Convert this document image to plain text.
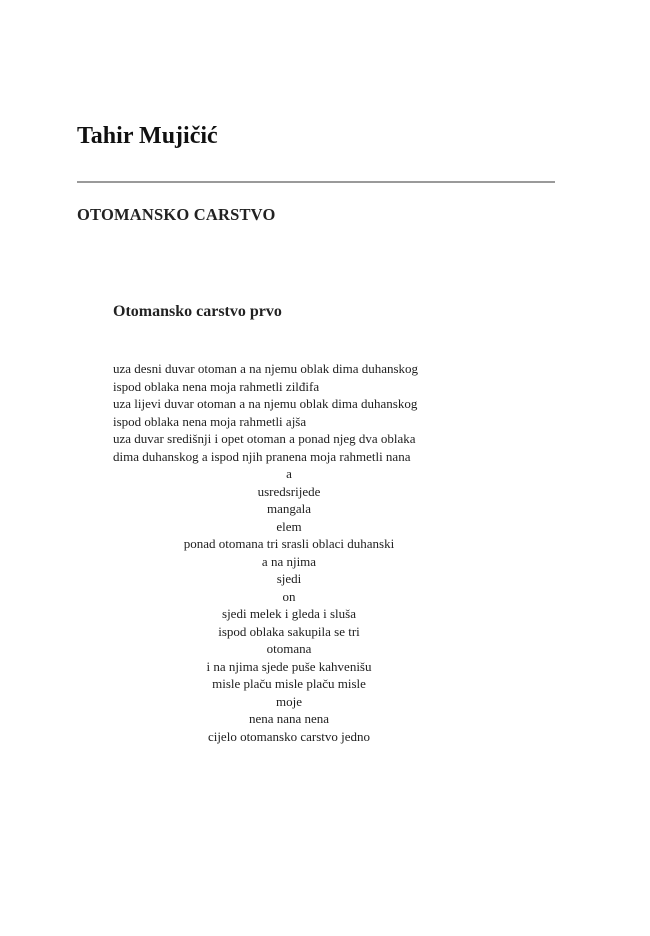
Tahir Mujičić
OTOMANSKO CARSTVO
Otomansko carstvo prvo
uza desni duvar otoman a na njemu oblak dima duhanskog
ispod oblaka nena moja rahmetli zilđifa
uza lijevi duvar otoman a na njemu oblak dima duhanskog
ispod oblaka nena moja rahmetli ajša
uza duvar središnji i opet otoman a ponad njeg dva oblaka
dima duhanskog a ispod njih pranena moja rahmetli nana
a
usredsrijede
mangala
elem
ponad otomana tri srasli oblaci duhanski
a na njima
sjedi
on
sjedi melek i gleda i sluša
ispod oblaka sakupila se tri
otomana
i na njima sjede puše kahvenišu
misle plaču misle plaču misle
moje
nena nana nena
cijelo otomansko carstvo jedno
